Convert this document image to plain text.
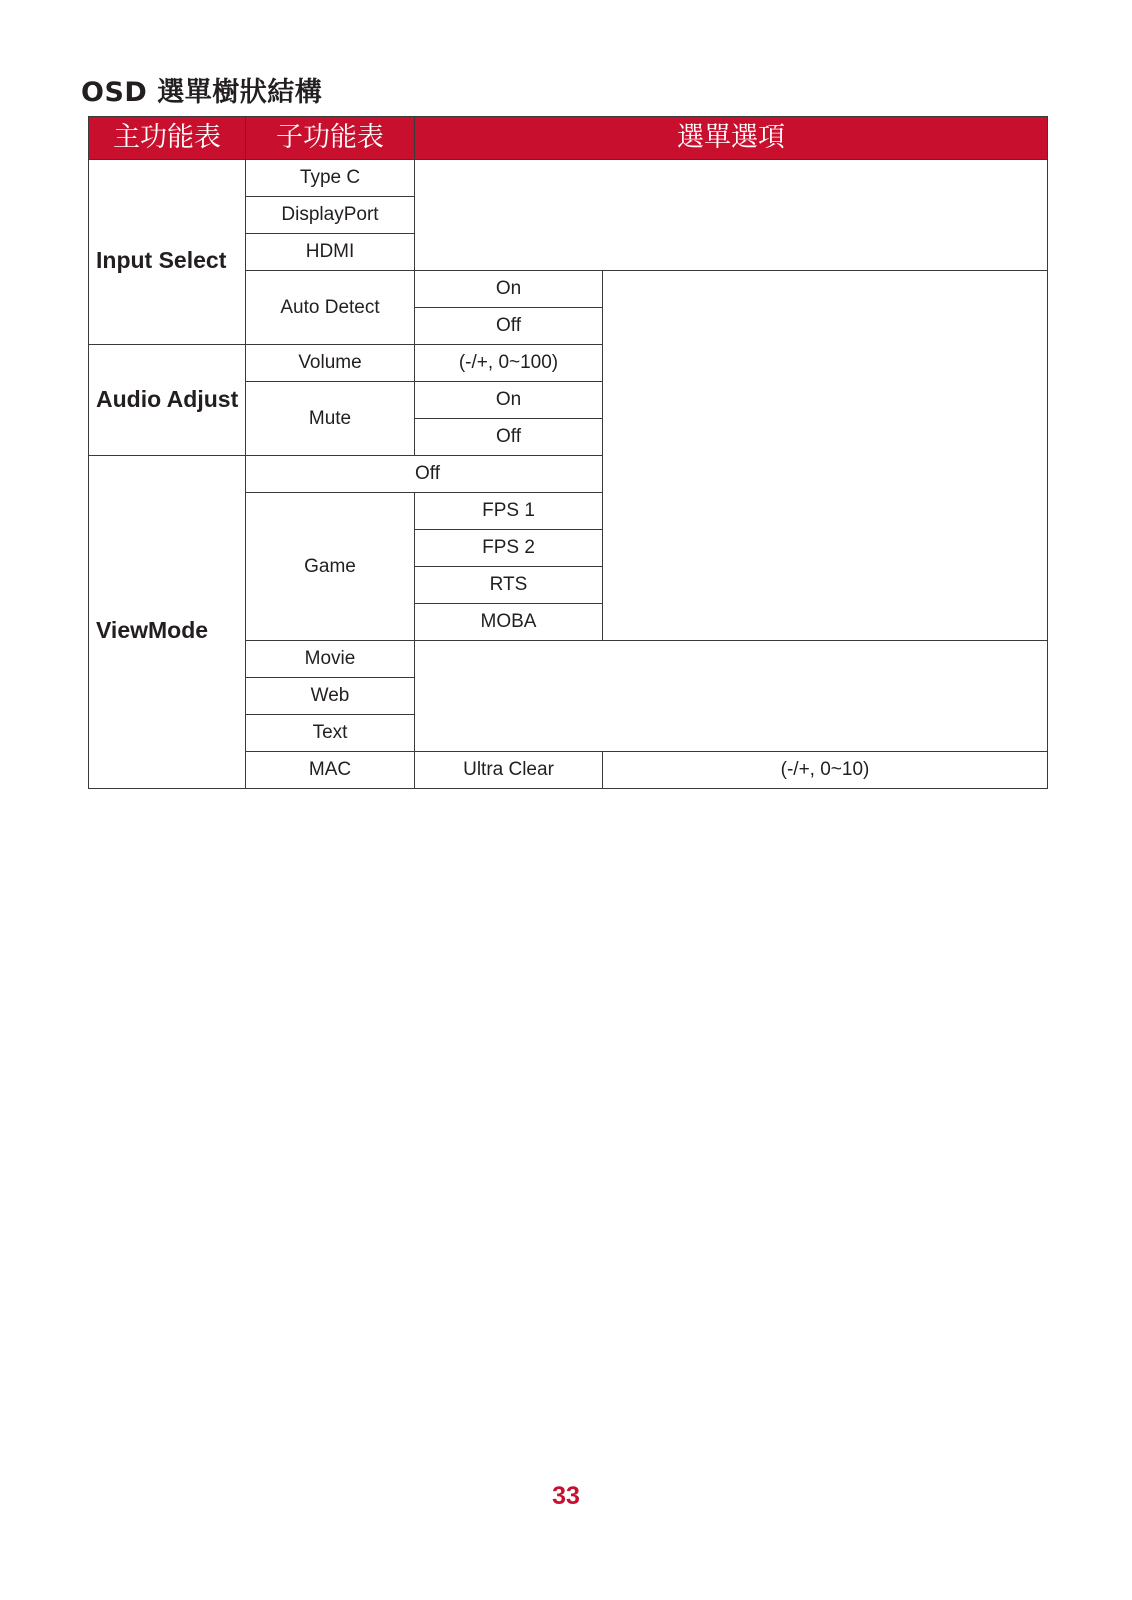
OSD 選單樹狀結構
主功能表	子功能表	選單選項	
Input Select	Type C		
	DisplayPort		
	HDMI		
	Auto Detect	On	
		Off	
Audio Adjust	Volume	(-/+, 0~100)	
	Mute	On	
		Off	
ViewMode	Off		
	Game	FPS 1	
		FPS 2	
		RTS	
		MOBA	
	Movie		
	Web		
	Text		
	MAC	Ultra Clear	(-/+, 0~10)
33
